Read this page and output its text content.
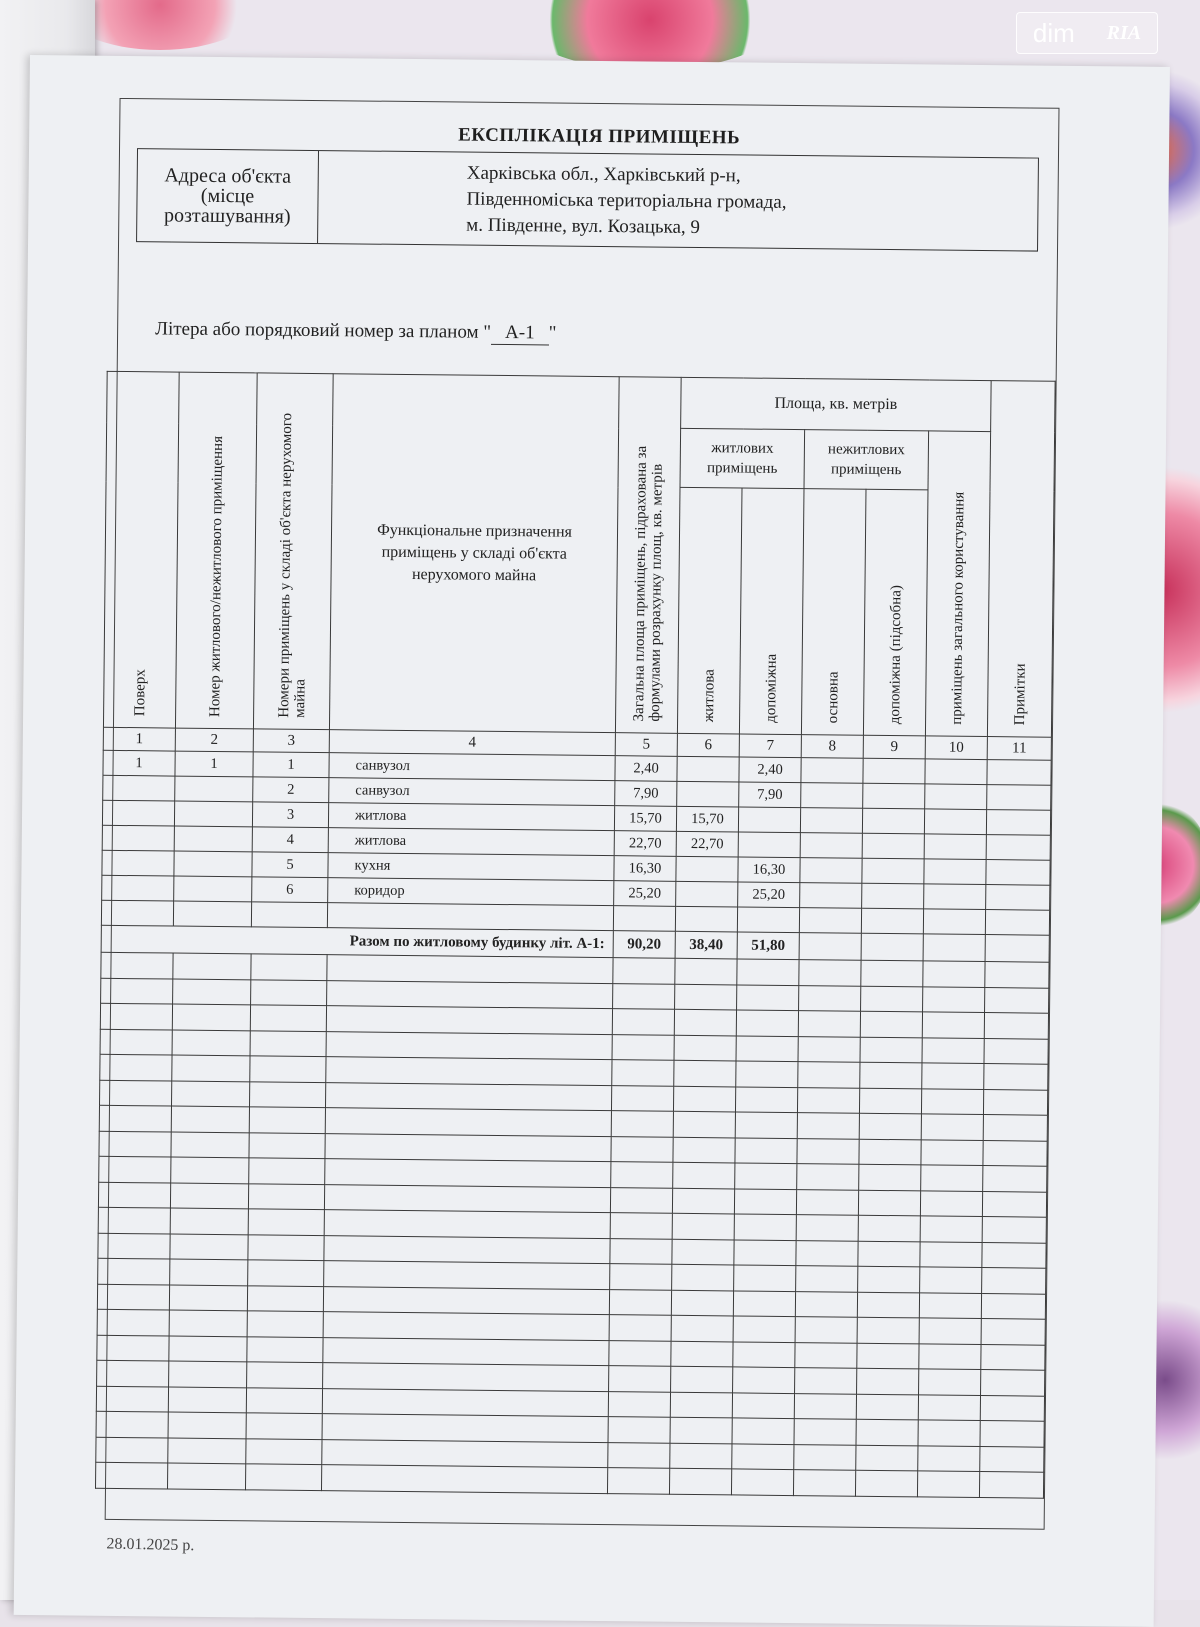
ЕКСПЛІКАЦІЯ ПРИМІЩЕНЬ
Адреса об'єкта
(місце
розташування)
Харківська обл., Харківський р-н,
Південноміська територіальна громада,
м. Південне, вул. Козацька, 9
Літера або порядковий номер за планом " А-1 "
Поверх	Номер житлового/нежитлового приміщення	Номери приміщень у складі об'єкта нерухомого майна	Функціональне призначення приміщень у складі об'єкта нерухомого майна	Загальна площа приміщень, підрахована за формулами розрахунку площ, кв. метрів	Площа, кв. метрів					Примітки
					житлових приміщень		нежитлових приміщень		приміщень загального користування	
					житлова	допоміжна	основна	допоміжна (підсобна)		
1	2	3	4	5	6	7	8	9	10	11
1	1	1	санвузол	2,40		2,40				
		2	санвузол	7,90		7,90				
		3	житлова	15,70	15,70					
		4	житлова	22,70	22,70					
		5	кухня	16,30		16,30				
		6	коридор	25,20		25,20				

Разом по житловому будинку літ. А-1:				90,20	38,40	51,80				

28.01.2025 р.
dim RIA
